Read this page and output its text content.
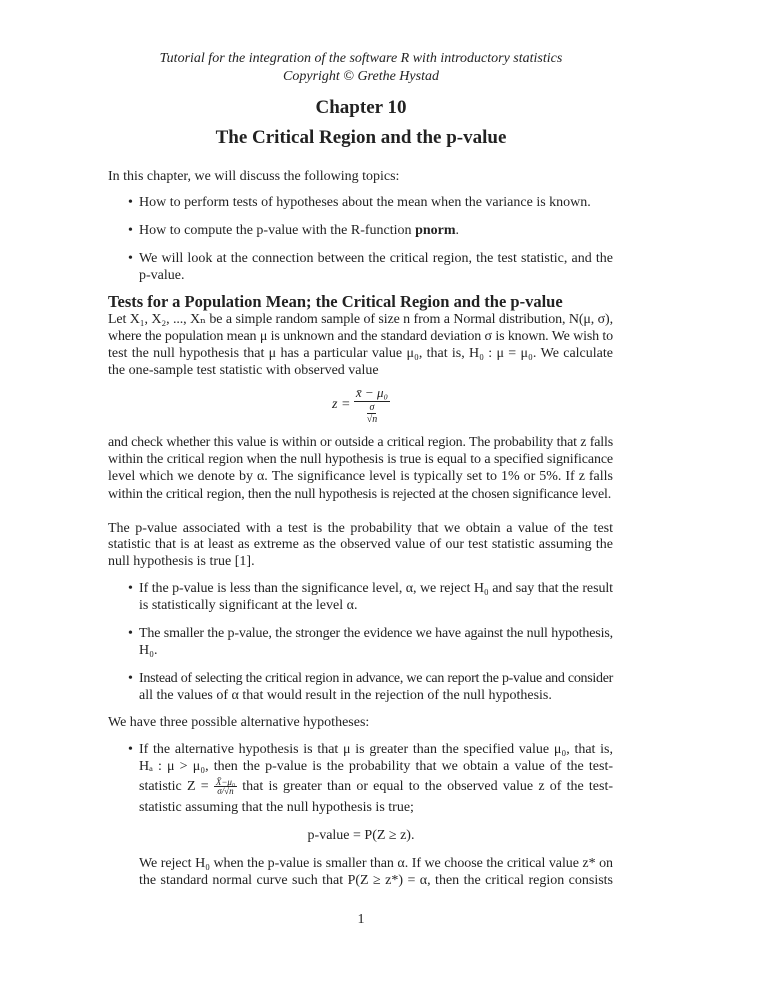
Tutorial for the integration of the software R with introductory statistics
Copyright © Grethe Hystad
Chapter 10
The Critical Region and the p-value
In this chapter, we will discuss the following topics:
• How to perform tests of hypotheses about the mean when the variance is known.
• How to compute the p-value with the R-function pnorm.
• We will look at the connection between the critical region, the test statistic, and the
p-value.
Tests for a Population Mean; the Critical Region and the p-value
Let X₁, X₂, ..., Xₙ be a simple random sample of size n from a Normal distribution, N(μ, σ),
where the population mean μ is unknown and the standard deviation σ is known. We wish to
test the null hypothesis that μ has a particular value μ₀, that is, H₀ : μ = μ₀. We calculate
the one-sample test statistic with observed value
$z = \frac{\text{x̄ − μ₀}}{\frac{\sigma}{√n}}$
and check whether this value is within or outside a critical region. The probability that z falls
within the critical region when the null hypothesis is true is equal to a specified significance
level which we denote by α. The significance level is typically set to 1% or 5%. If z falls
within the critical region, then the null hypothesis is rejected at the chosen significance level.
The p-value associated with a test is the probability that we obtain a value of the test
statistic that is at least as extreme as the observed value of our test statistic assuming the
null hypothesis is true [1].
• If the p-value is less than the significance level, α, we reject H₀ and say that the result
is statistically significant at the level α.
• The smaller the p-value, the stronger the evidence we have against the null hypothesis,
H₀.
• Instead of selecting the critical region in advance, we can report the p-value and consider
all the values of α that would result in the rejection of the null hypothesis.
We have three possible alternative hypotheses:
• If the alternative hypothesis is that μ is greater than the specified value μ₀, that is,
Hₐ : μ > μ₀, then the p-value is the probability that we obtain a value of the test-
statistic $Z = \frac{\text{X̄−μ₀}}{\sigma/√n}$ that is greater than or equal to the observed value z of the test-
statistic assuming that the null hypothesis is true;
p-value = P(Z ≥ z).
We reject H₀ when the p-value is smaller than α. If we choose the critical value z* on
the standard normal curve such that P(Z ≥ z*) = α, then the critical region consists
1
